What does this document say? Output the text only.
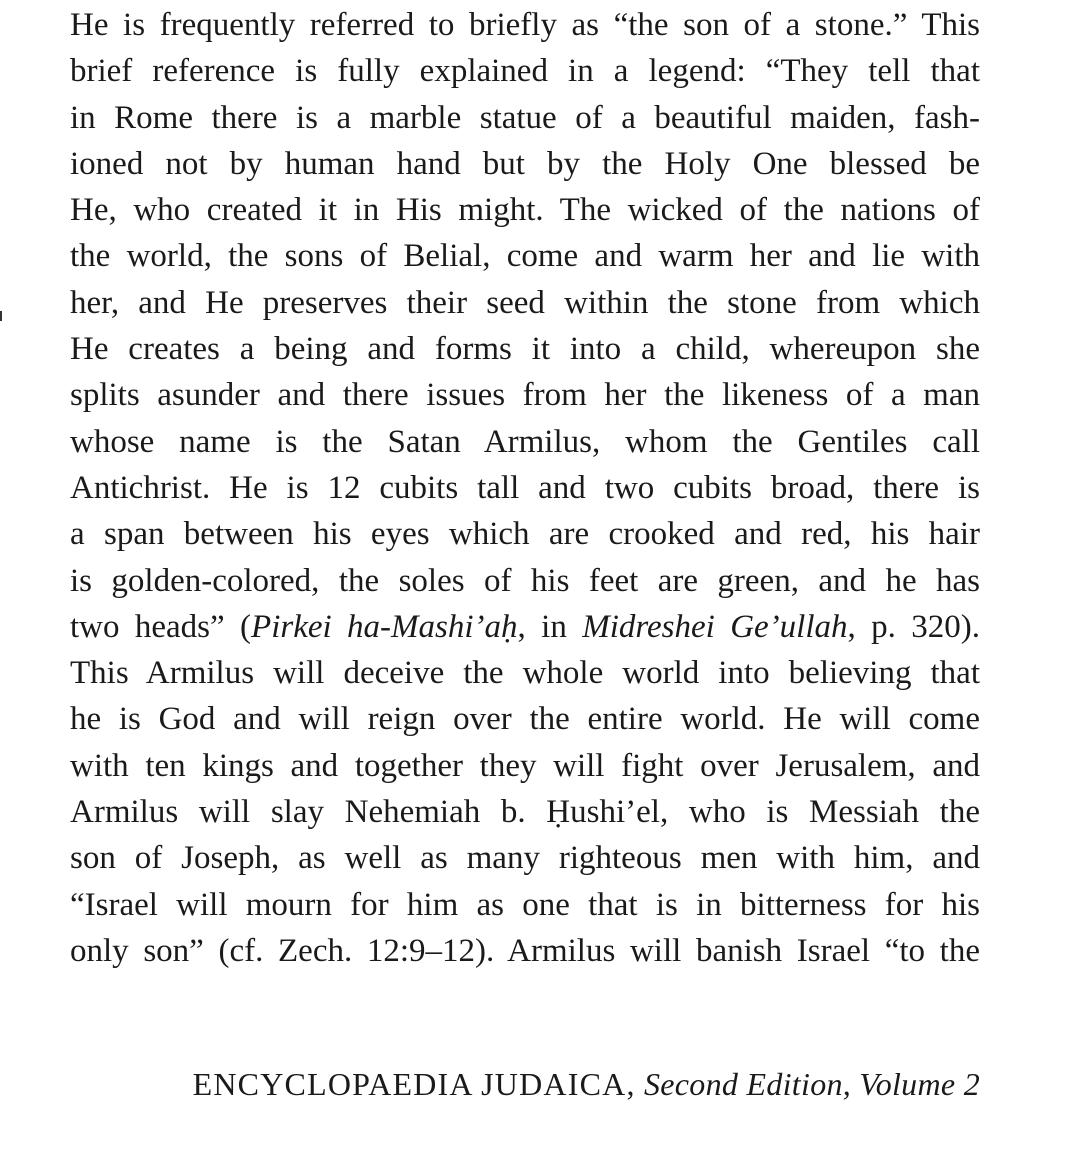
He is frequently referred to briefly as “the son of a stone.” This
brief reference is fully explained in a legend: “They tell that
in Rome there is a marble statue of a beautiful maiden, fash-
ioned not by human hand but by the Holy One blessed be
He, who created it in His might. The wicked of the nations of
the world, the sons of Belial, come and warm her and lie with
her, and He preserves their seed within the stone from which
He creates a being and forms it into a child, whereupon she
splits asunder and there issues from her the likeness of a man
whose name is the Satan Armilus, whom the Gentiles call
Antichrist. He is 12 cubits tall and two cubits broad, there is
a span between his eyes which are crooked and red, his hair
is golden-colored, the soles of his feet are green, and he has
two heads” (Pirkei ha-Mashi’aḥ, in Midreshei Ge’ullah, p. 320).
This Armilus will deceive the whole world into believing that
he is God and will reign over the entire world. He will come
with ten kings and together they will fight over Jerusalem, and
Armilus will slay Nehemiah b. Ḥushi’el, who is Messiah the
son of Joseph, as well as many righteous men with him, and
“Israel will mourn for him as one that is in bitterness for his
only son” (cf. Zech. 12:9–12). Armilus will banish Israel “to the
ENCYCLOPAEDIA JUDAICA, Second Edition, Volume 2
